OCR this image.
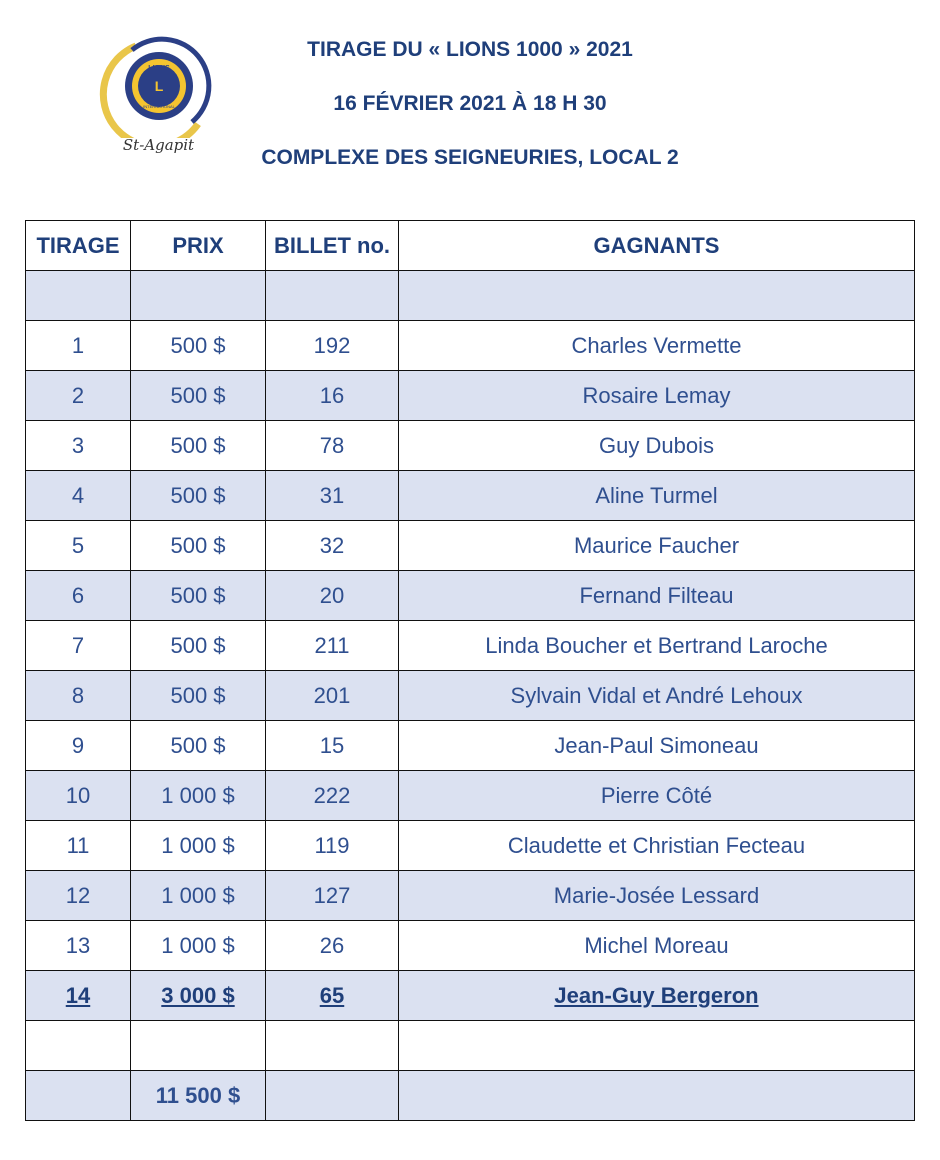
LIONS
INTERNATIONAL
L
St-Agapit
TIRAGE DU « LIONS 1000 » 2021
16 FÉVRIER 2021 À 18 H 30
COMPLEXE DES SEIGNEURIES, LOCAL 2
TIRAGE	PRIX	BILLET no.	GAGNANTS

1	500 $	192	Charles Vermette
2	500 $	16	Rosaire Lemay
3	500 $	78	Guy Dubois
4	500 $	31	Aline Turmel
5	500 $	32	Maurice Faucher
6	500 $	20	Fernand Filteau
7	500 $	211	Linda Boucher et Bertrand Laroche
8	500 $	201	Sylvain Vidal et André Lehoux
9	500 $	15	Jean-Paul Simoneau
10	1 000 $	222	Pierre Côté
11	1 000 $	119	Claudette et Christian Fecteau
12	1 000 $	127	Marie-Josée Lessard
13	1 000 $	26	Michel Moreau
14	3 000 $	65	Jean-Guy Bergeron

	11 500 $		
